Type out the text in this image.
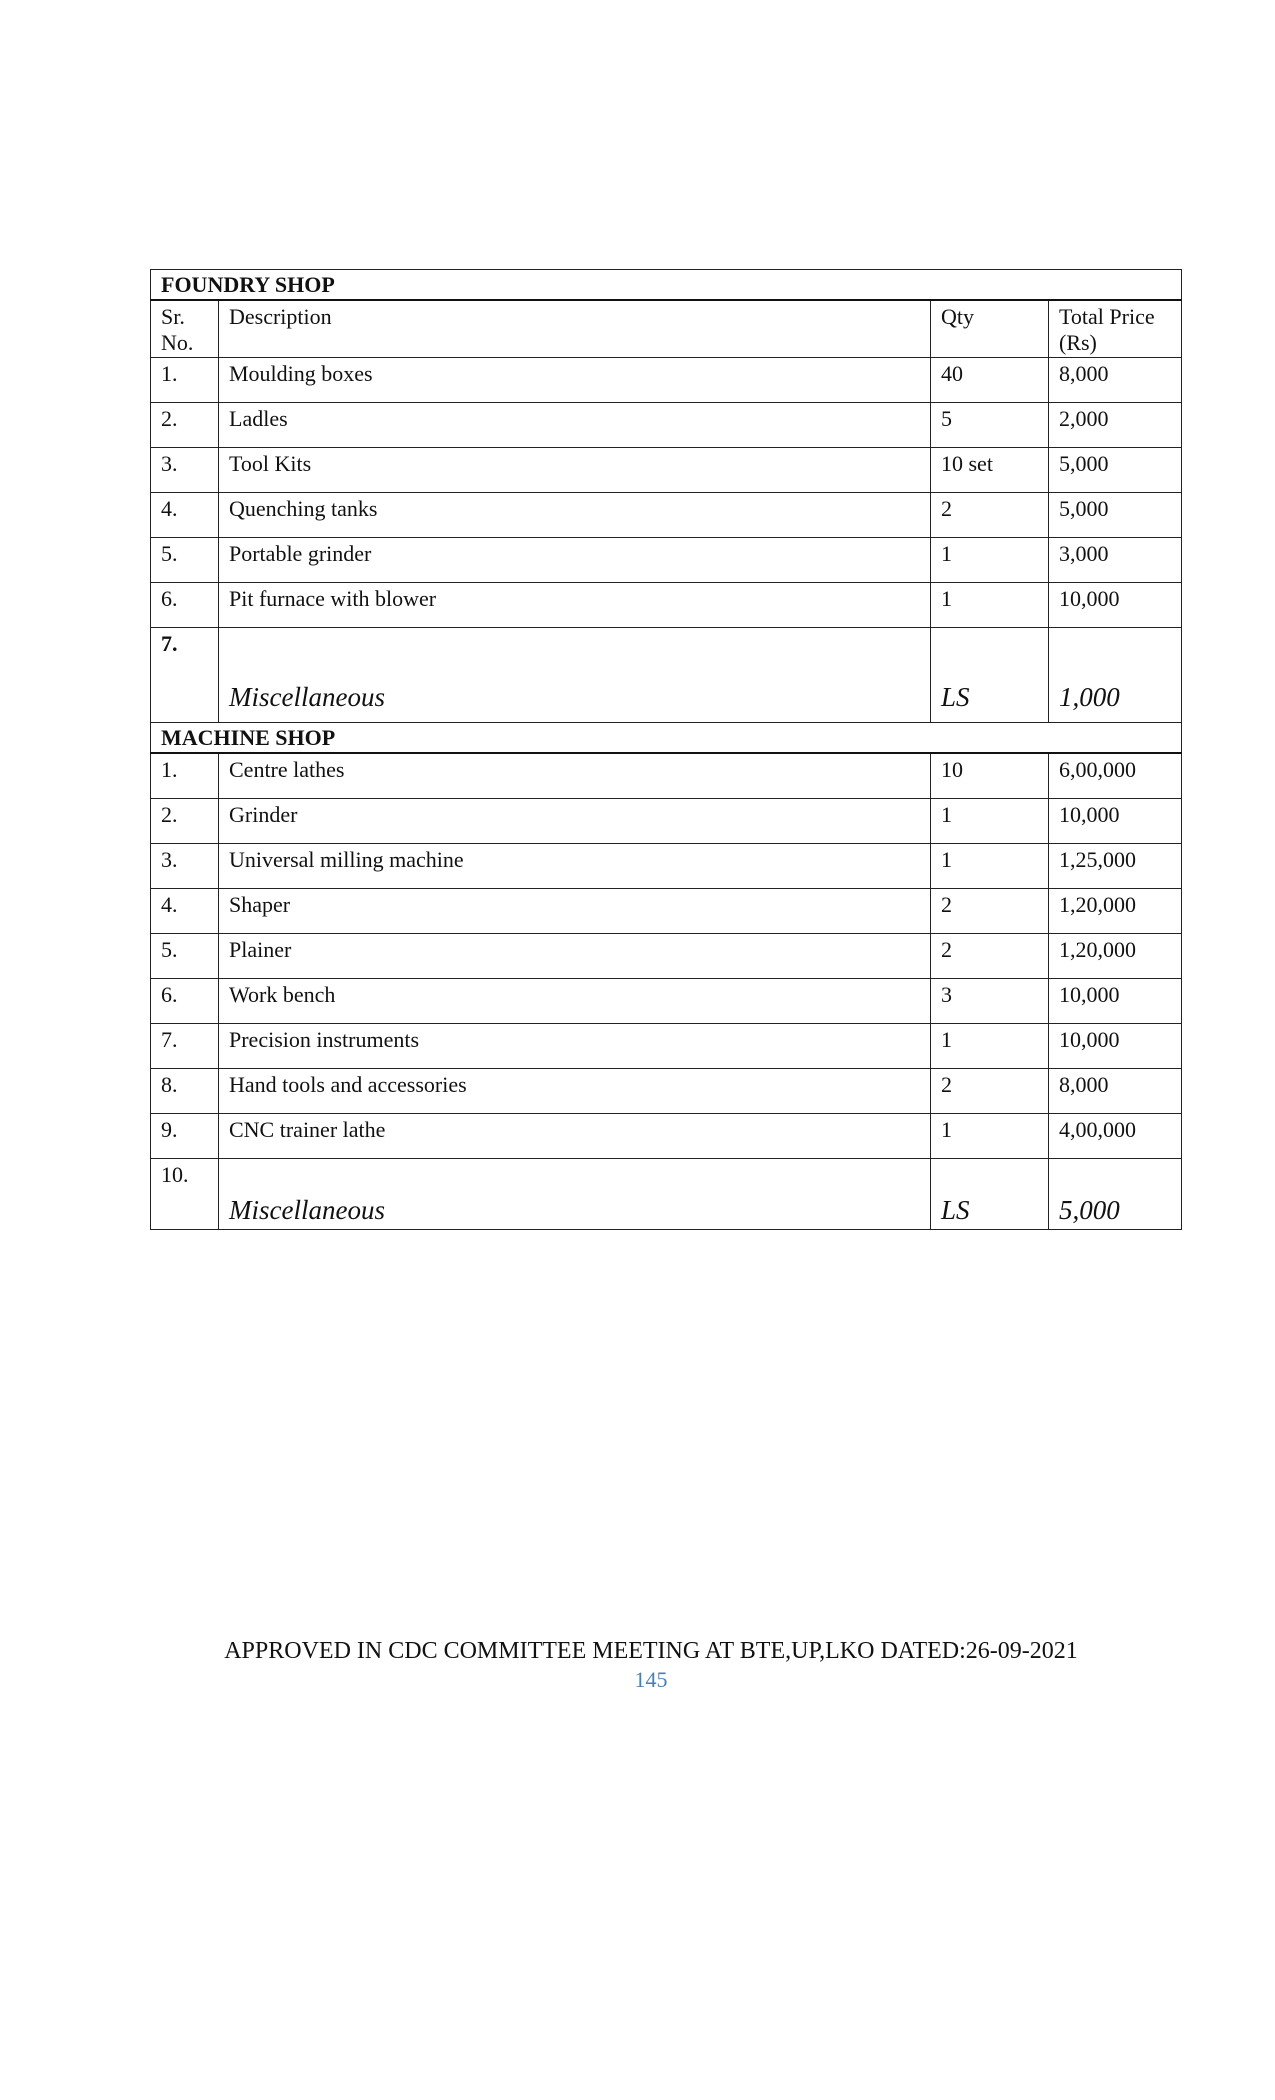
FOUNDRY SHOP			
Sr. No.	Description	Qty	Total Price (Rs)
1.	Moulding boxes	40	8,000
2.	Ladles	5	2,000
3.	Tool Kits	10 set	5,000
4.	Quenching tanks	2	5,000
5.	Portable grinder	1	3,000
6.	Pit furnace with blower	1	10,000
7.	Miscellaneous	LS	1,000
MACHINE SHOP			
1.	Centre lathes	10	6,00,000
2.	Grinder	1	10,000
3.	Universal milling machine	1	1,25,000
4.	Shaper	2	1,20,000
5.	Plainer	2	1,20,000
6.	Work bench	3	10,000
7.	Precision instruments	1	10,000
8.	Hand tools and accessories	2	8,000
9.	CNC trainer lathe	1	4,00,000
10.	Miscellaneous	LS	5,000

APPROVED IN CDC COMMITTEE MEETING AT BTE,UP,LKO DATED:26-09-2021

145
